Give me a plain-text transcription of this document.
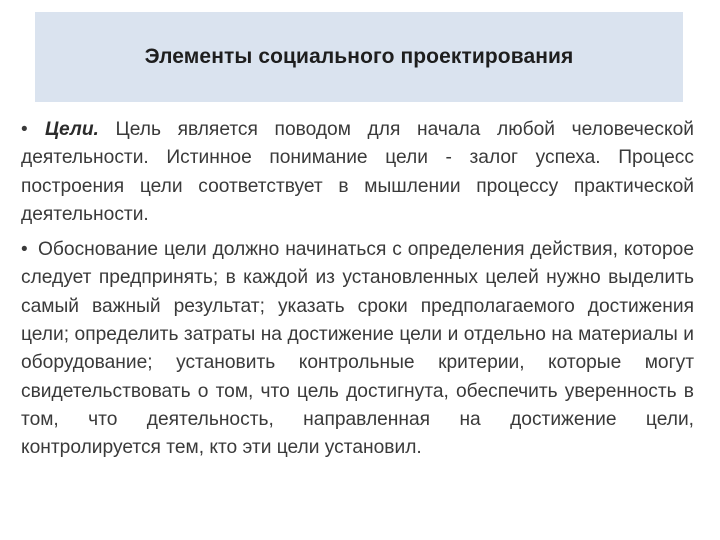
Элементы социального проектирования

• Цели. Цель является поводом для начала любой человеческой деятельности. Истинное понимание цели - залог успеха. Процесс построения цели соответствует в мышлении процессу практической деятельности.

• Обоснование цели должно начинаться с определения действия, которое следует предпринять; в каждой из установленных целей нужно выделить самый важный результат; указать сроки предполагаемого достижения цели; определить затраты на достижение цели и отдельно на материалы и оборудование; установить контрольные критерии, которые могут свидетельствовать о том, что цель достигнута, обеспечить уверенность в том, что деятельность, направленная на достижение цели, контролируется тем, кто эти цели установил.
